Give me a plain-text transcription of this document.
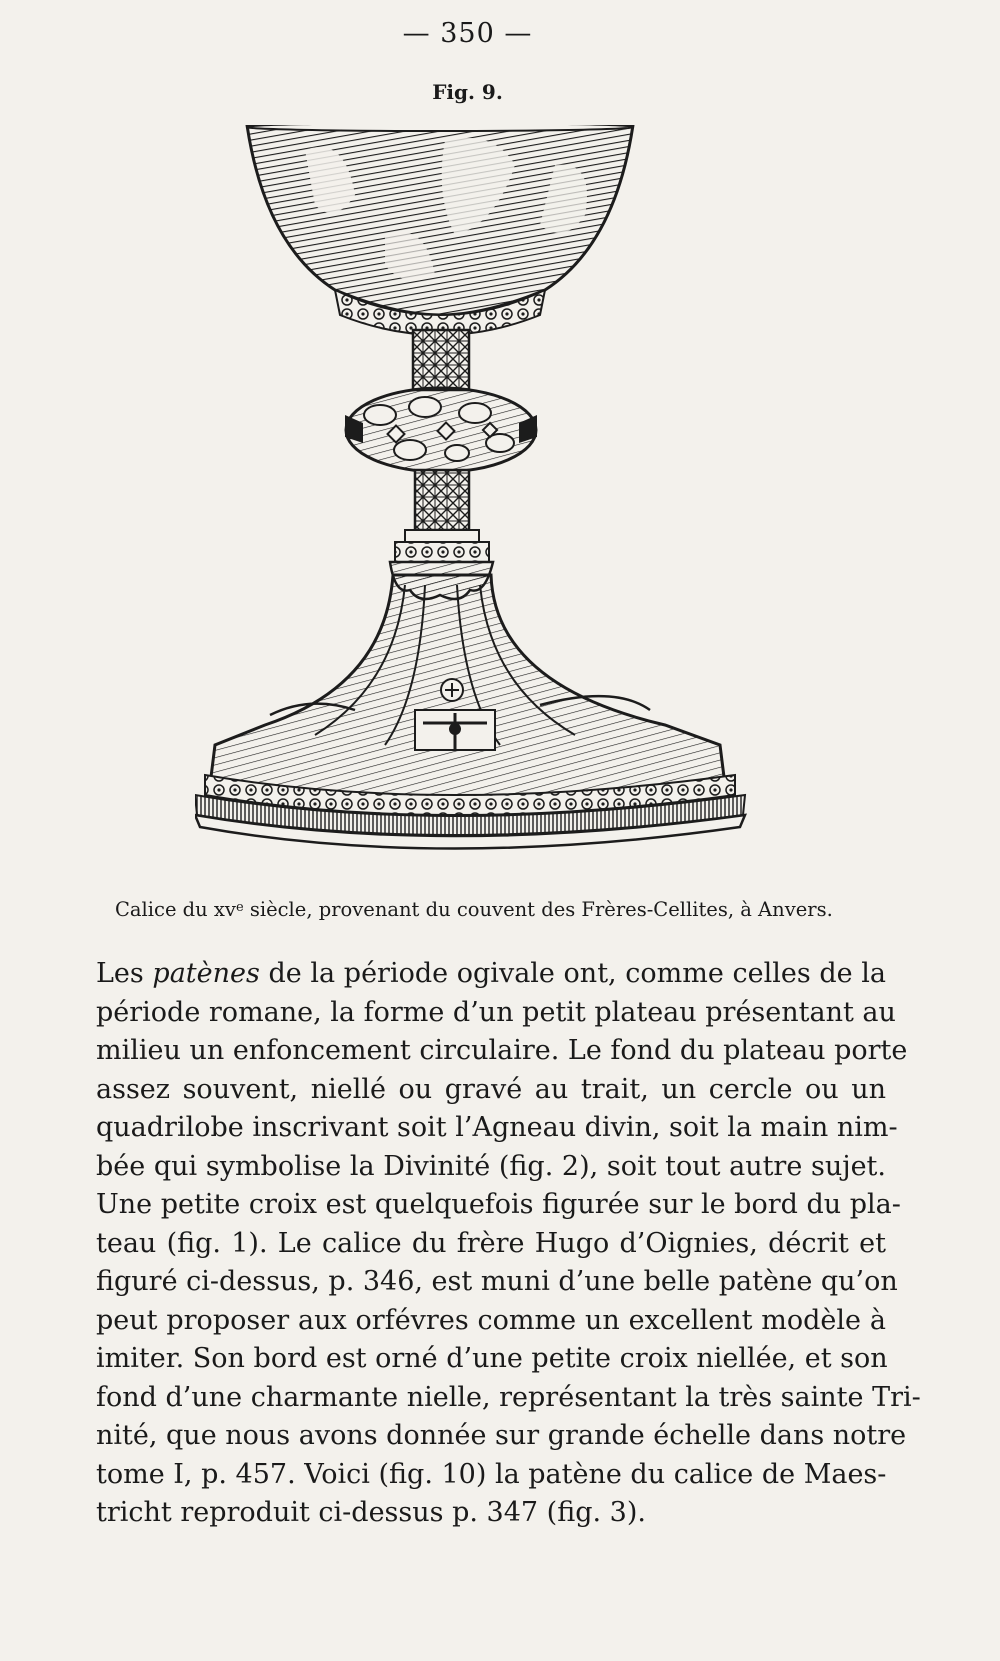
— 350 —
Fig. 9.
Calice du $xv^e$ siècle, provenant du couvent des Frères-Cellites, à Anvers.
Les patènes de la période ogivale ont, comme celles de la
période romane, la forme d’un petit plateau présentant au
milieu un enfoncement circulaire. Le fond du plateau porte
assez souvent, niellé ou gravé au trait, un cercle ou un
quadrilobe inscrivant soit l’Agneau divin, soit la main nim-
bée qui symbolise la Divinité (fig. 2), soit tout autre sujet.
Une petite croix est quelquefois figurée sur le bord du pla-
teau (fig. 1). Le calice du frère Hugo d’Oignies, décrit et
figuré ci-dessus, p. 346, est muni d’une belle patène qu’on
peut proposer aux orfévres comme un excellent modèle à
imiter. Son bord est orné d’une petite croix niellée, et son
fond d’une charmante nielle, représentant la très sainte Tri-
nité, que nous avons donnée sur grande échelle dans notre
tome I, p. 457. Voici (fig. 10) la patène du calice de Maes-
tricht reproduit ci-dessus p. 347 (fig. 3).
